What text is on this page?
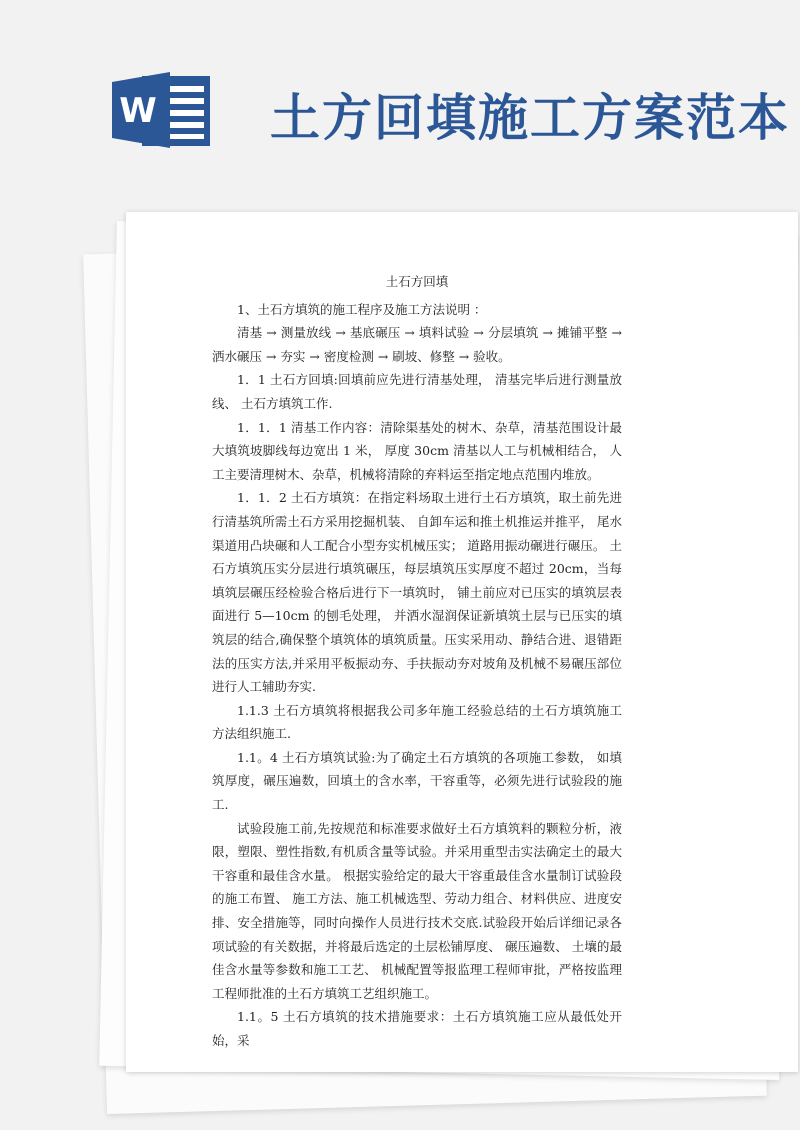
W 土方回填施工方案范本

土石方回填

1、土石方填筑的施工程序及施工方法说明 ：

清基 → 测量放线 → 基底碾压 → 填料试验 → 分层填筑 → 摊铺平整 → 洒水碾压 → 夯实 → 密度检测 → 刷坡、修整 → 验收。

1．1 土石方回填:回填前应先进行清基处理， 清基完毕后进行测量放线、 土石方填筑工作.

1．1．1 清基工作内容：清除渠基处的树木、杂草，清基范围设计最大填筑坡脚线每边宽出 1 米， 厚度 30cm 清基以人工与机械相结合， 人工主要清理树木、杂草，机械将清除的弃料运至指定地点范围内堆放。

1．1．2 土石方填筑：在指定料场取土进行土石方填筑，取土前先进行清基筑所需土石方采用挖掘机装、 自卸车运和推土机推运并推平， 尾水渠道用凸块碾和人工配合小型夯实机械压实； 道路用振动碾进行碾压。 土石方填筑压实分层进行填筑碾压，每层填筑压实厚度不超过 20cm，当每填筑层碾压经检验合格后进行下一填筑时， 铺土前应对已压实的填筑层表面进行 5—10cm 的刨毛处理， 并洒水湿润保证新填筑土层与已压实的填筑层的结合,确保整个填筑体的填筑质量。压实采用动、静结合进、退错距法的压实方法,并采用平板振动夯、手扶振动夯对坡角及机械不易碾压部位进行人工辅助夯实.

1.1.3 土石方填筑将根据我公司多年施工经验总结的土石方填筑施工方法组织施工.

1.1。4 土石方填筑试验:为了确定土石方填筑的各项施工参数， 如填筑厚度，碾压遍数，回填土的含水率，干容重等，必须先进行试验段的施工.

试验段施工前,先按规范和标准要求做好土石方填筑料的颗粒分析，液限，塑限、塑性指数,有机质含量等试验。并采用重型击实法确定土的最大干容重和最佳含水量。 根据实验给定的最大干容重最佳含水量制订试验段的施工布置、 施工方法、施工机械选型、劳动力组合、材料供应、进度安排、安全措施等，同时向操作人员进行技术交底.试验段开始后详细记录各项试验的有关数据，并将最后选定的土层松铺厚度、 碾压遍数、 土壤的最佳含水量等参数和施工工艺、 机械配置等报监理工程师审批，严格按监理工程师批准的土石方填筑工艺组织施工。

1.1。5 土石方填筑的技术措施要求：土石方填筑施工应从最低处开始，采
